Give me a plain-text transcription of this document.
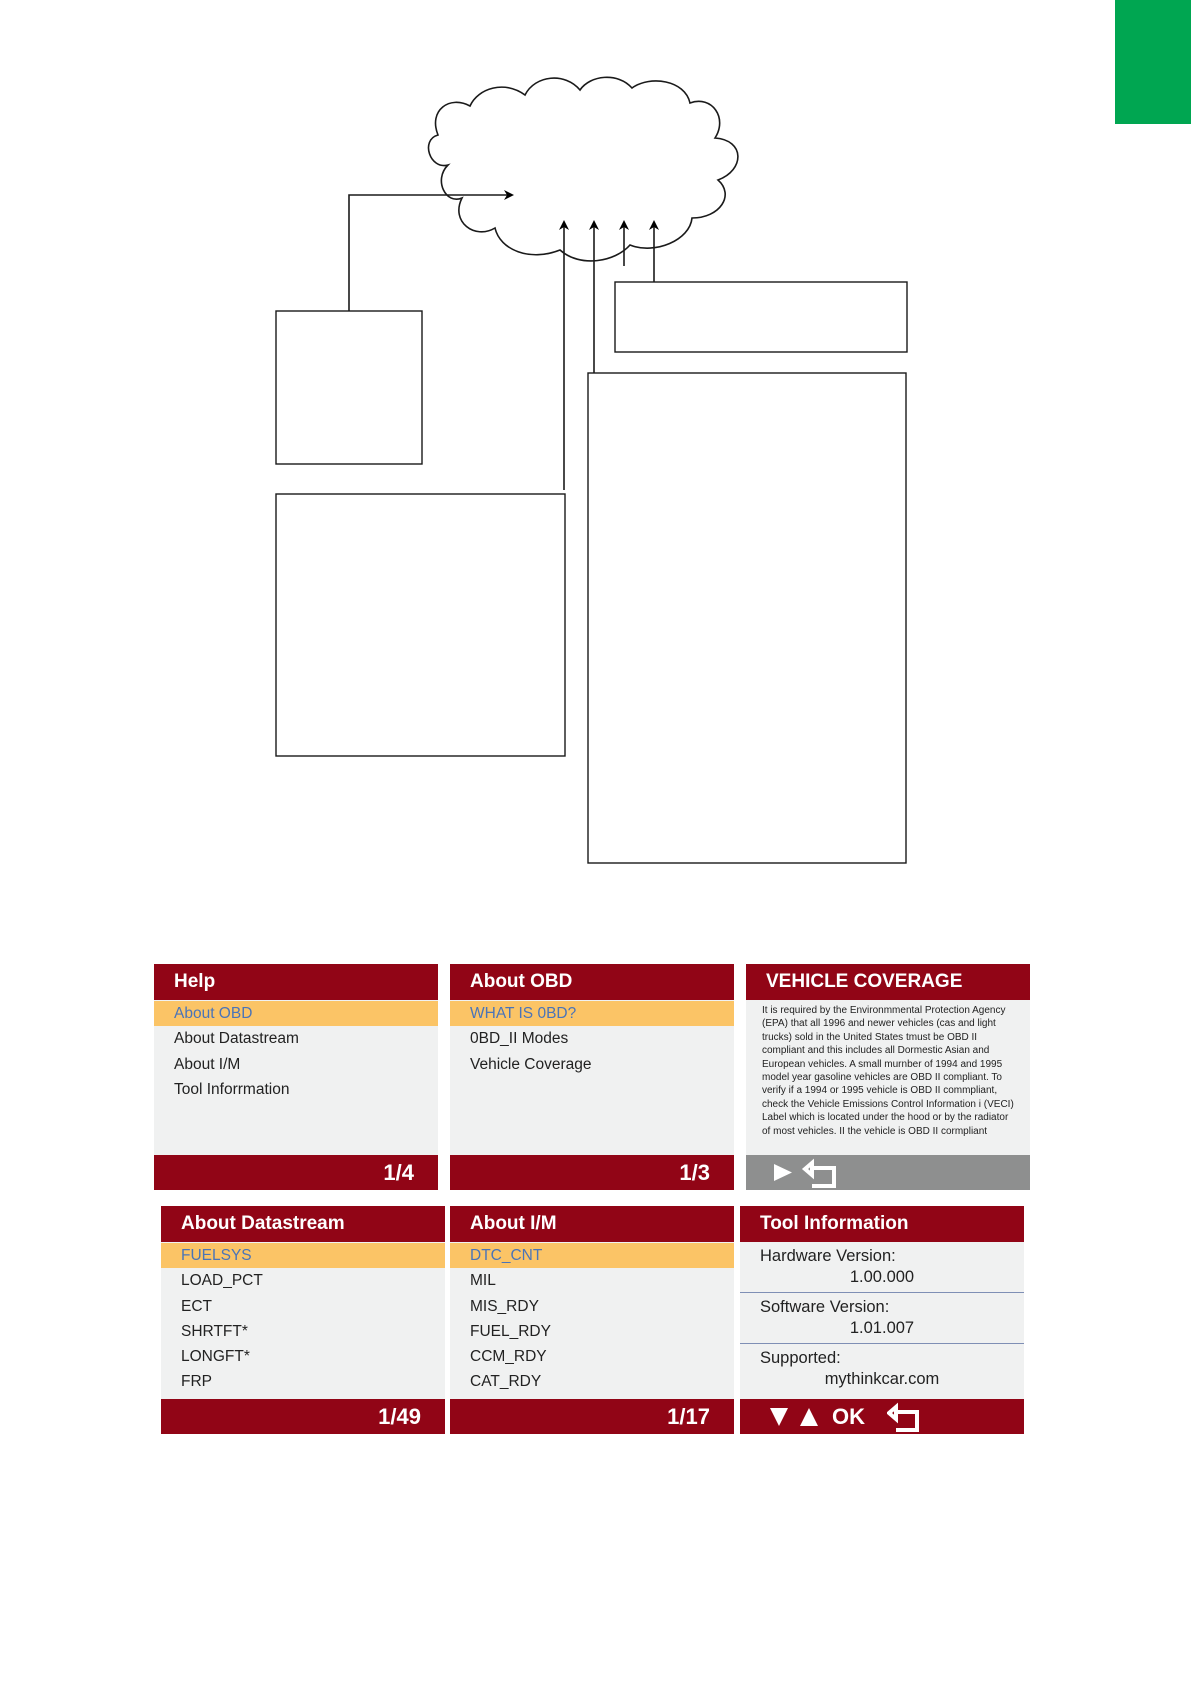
Help
About OBD
About Datastream
About I/M
Tool Inforrmation
1/4
About OBD
WHAT IS 0BD?
0BD_II Modes
Vehicle Coverage
1/3
VEHICLE COVERAGE
It is required by the Environmmental Protection Agency (EPA) that all 1996 and newer vehicles (cas and light trucks) sold in the United States tmust be OBD II compliant and this includes all Dormestic Asian and European vehicles. A small murnber of 1994 and 1995 model year gasoline vehicles are OBD II compliant. To verify if a 1994 or 1995 vehicle is OBD II commpliant, check the Vehicle Emissions Control Information i (VECI) Label which is located under the hood or by the radiator of most vehicles. II the vehicle is OBD II cormpliant
About Datastream
FUELSYS
LOAD_PCT
ECT
SHRTFT*
LONGFT*
FRP
1/49
About I/M
DTC_CNT
MIL
MIS_RDY
FUEL_RDY
CCM_RDY
CAT_RDY
1/17
Tool Information
Hardware Version:
1.00.000
Software Version:
1.01.007
Supported:
mythinkcar.com
OK
